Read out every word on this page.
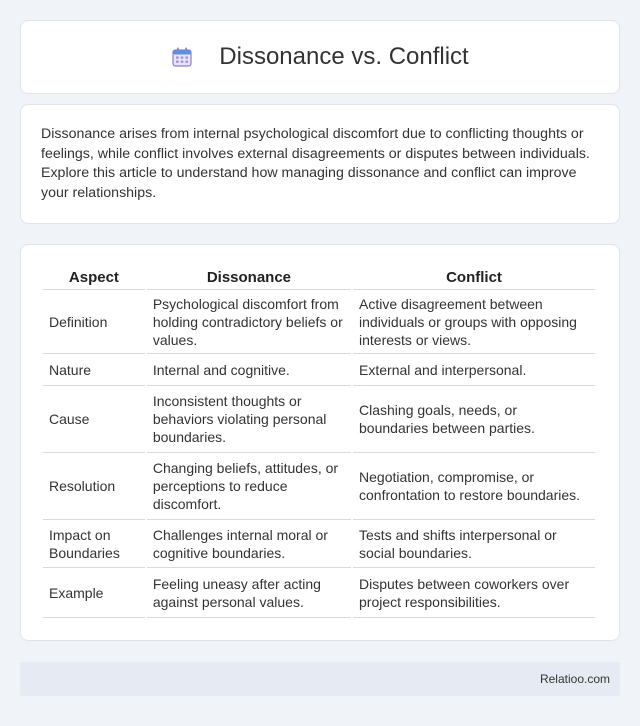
Dissonance vs. Conflict

Dissonance arises from internal psychological discomfort due to conflicting thoughts or feelings, while conflict involves external disagreements or disputes between individuals. Explore this article to understand how managing dissonance and conflict can improve your relationships.

Aspect	Dissonance	Conflict
Definition	Psychological discomfort from holding contradictory beliefs or values.	Active disagreement between individuals or groups with opposing interests or views.
Nature	Internal and cognitive.	External and interpersonal.
Cause	Inconsistent thoughts or behaviors violating personal boundaries.	Clashing goals, needs, or boundaries between parties.
Resolution	Changing beliefs, attitudes, or perceptions to reduce discomfort.	Negotiation, compromise, or confrontation to restore boundaries.
Impact on Boundaries	Challenges internal moral or cognitive boundaries.	Tests and shifts interpersonal or social boundaries.
Example	Feeling uneasy after acting against personal values.	Disputes between coworkers over project responsibilities.
Relatioo.com
